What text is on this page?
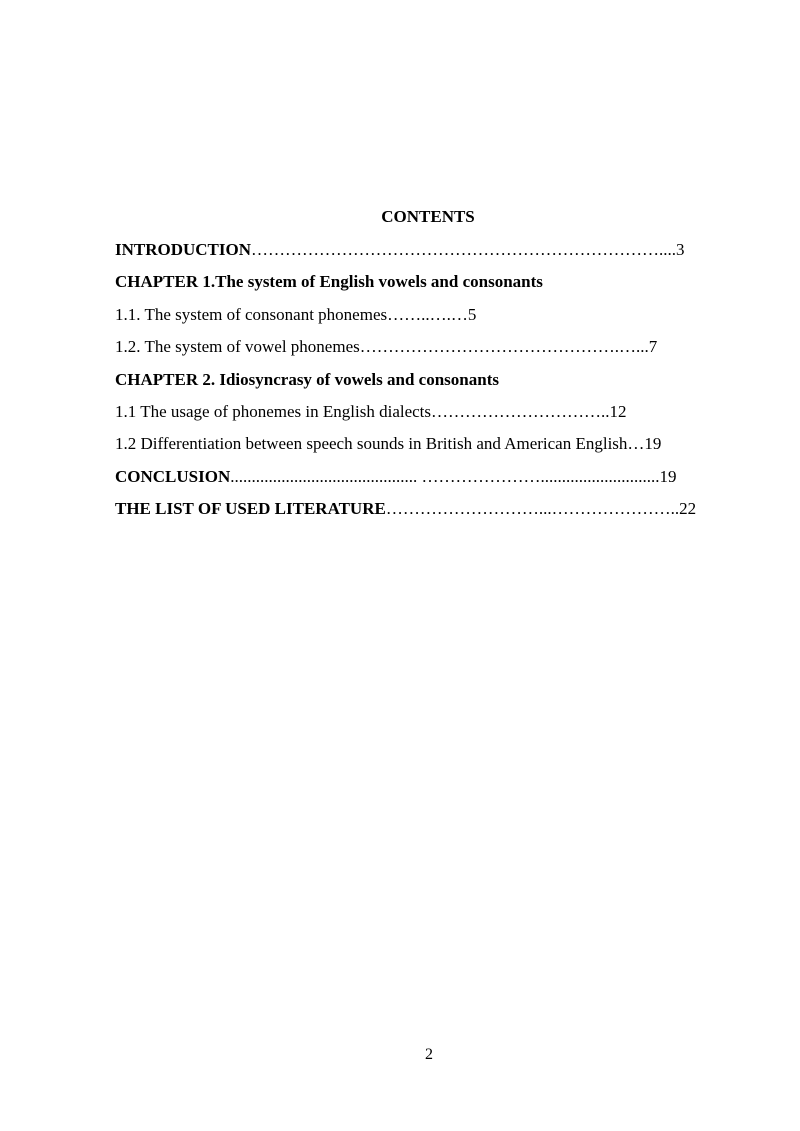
CONTENTS
INTRODUCTION………………………………………………………………....3
CHAPTER 1.The system of English vowels and consonants
1.1. The system of consonant phonemes……..….…5
1.2. The system of vowel phonemes……………………………………….…...7
CHAPTER 2. Idiosyncrasy of vowels and consonants
1.1 The usage of phonemes in English dialects…………………………..12
1.2 Differentiation between speech sounds in British and American English…19
CONCLUSION............................................ …………………............................19
THE LIST OF USED LITERATURE………………………...…………………..22
2
